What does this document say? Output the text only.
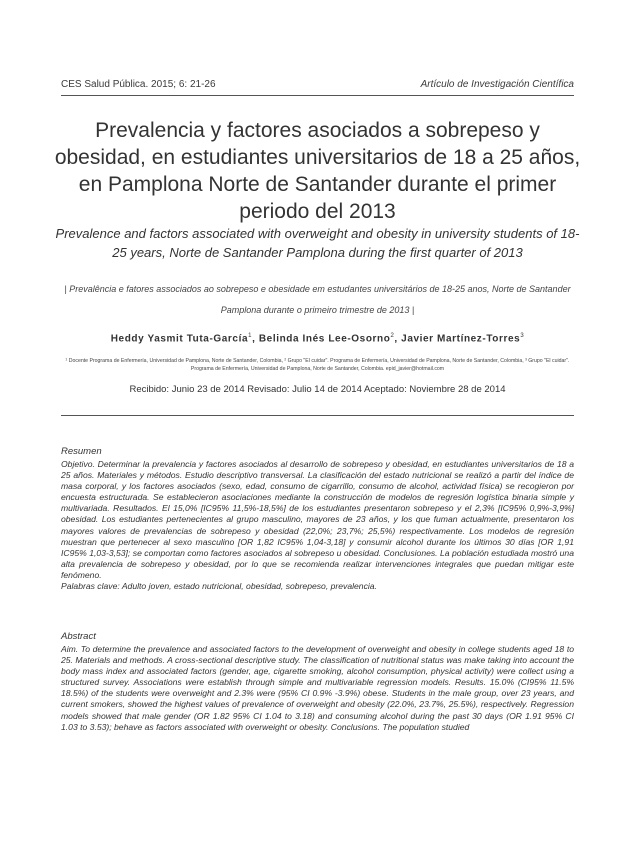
CES Salud Pública. 2015; 6: 21-26	Artículo de Investigación Científica
Prevalencia y factores asociados a sobrepeso y obesidad, en estudiantes universitarios de 18 a 25 años, en Pamplona Norte de Santander durante el primer periodo del 2013
Prevalence and factors associated with overweight and obesity in university students of 18-25 years, Norte de Santander Pamplona during the first quarter of 2013
| Prevalência e fatores associados ao sobrepeso e obesidade em estudantes universitários de 18-25 anos, Norte de Santander Pamplona durante o primeiro trimestre de 2013 |
Heddy Yasmit Tuta-García$^1$, Belinda Inés Lee-Osorno$^2$, Javier Martínez-Torres$^3$
¹ Docente Programa de Enfermería, Universidad de Pamplona, Norte de Santander, Colombia, ² Grupo "El cuidar". Programa de Enfermería, Universidad de Pamplona, Norte de Santander, Colombia, ³ Grupo "El cuidar". Programa de Enfermería, Universidad de Pamplona, Norte de Santander, Colombia. epid_javier@hotmail.com
Recibido: Junio 23 de 2014 Revisado: Julio 14 de 2014 Aceptado: Noviembre 28 de 2014
Resumen

Objetivo. Determinar la prevalencia y factores asociados al desarrollo de sobrepeso y obesidad, en estudiantes universitarios de 18 a 25 años. Materiales y métodos. Estudio descriptivo transversal. La clasificación del estado nutricional se realizó a partir del índice de masa corporal, y los factores asociados (sexo, edad, consumo de cigarrillo, consumo de alcohol, actividad física) se recogieron por encuesta estructurada. Se establecieron asociaciones mediante la construcción de modelos de regresión logística binaria simple y multivariada. Resultados. El 15,0% [IC95% 11,5%-18,5%] de los estudiantes presentaron sobrepeso y el 2,3% [IC95% 0,9%-3,9%] obesidad. Los estudiantes pertenecientes al grupo masculino, mayores de 23 años, y los que fuman actualmente, presentaron los mayores valores de prevalencias de sobrepeso y obesidad (22,0%; 23,7%; 25,5%) respectivamente. Los modelos de regresión muestran que pertenecer al sexo masculino [OR 1,82 IC95% 1,04-3,18] y consumir alcohol durante los últimos 30 días [OR 1,91 IC95% 1,03-3,53]; se comportan como factores asociados al sobrepeso u obesidad. Conclusiones. La población estudiada mostró una alta prevalencia de sobrepeso y obesidad, por lo que se recomienda realizar intervenciones integrales que puedan mitigar este fenómeno.

Palabras clave: Adulto joven, estado nutricional, obesidad, sobrepeso, prevalencia.

Abstract

Aim. To determine the prevalence and associated factors to the development of overweight and obesity in college students aged 18 to 25. Materials and methods. A cross-sectional descriptive study. The classification of nutritional status was make taking into account the body mass index and associated factors (gender, age, cigarette smoking, alcohol consumption, physical activity) were collect using a structured survey. Associations were establish through simple and multivariable regression models. Results. 15.0% (CI95% 11.5% 18.5%) of the students were overweight and 2.3% were (95% CI 0.9% -3.9%) obese. Students in the male group, over 23 years, and current smokers, showed the highest values of prevalence of overweight and obesity (22.0%, 23.7%, 25.5%), respectively. Regression models showed that male gender (OR 1.82 95% CI 1.04 to 3.18) and consuming alcohol during the past 30 days (OR 1.91 95% CI 1.03 to 3.53); behave as factors associated with overweight or obesity. Conclusions. The population studied
